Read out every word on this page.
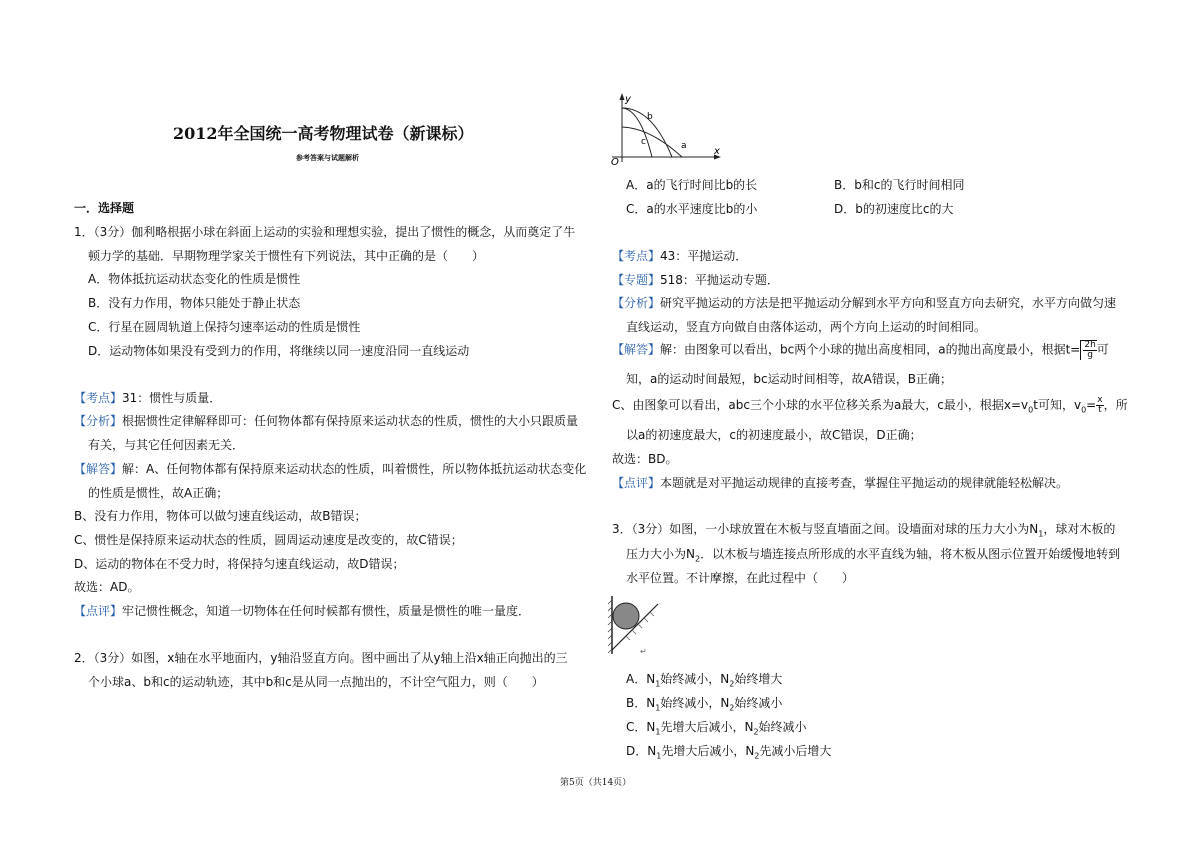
2012年全国统一高考物理试卷（新课标）
参考答案与试题解析
一．选择题
1．（3分）伽利略根据小球在斜面上运动的实验和理想实验，提出了惯性的概念，从而奠定了牛
顿力学的基础．早期物理学家关于惯性有下列说法，其中正确的是（　　）
A．物体抵抗运动状态变化的性质是惯性
B．没有力作用，物体只能处于静止状态
C．行星在圆周轨道上保持匀速率运动的性质是惯性
D．运动物体如果没有受到力的作用，将继续以同一速度沿同一直线运动
【考点】31：惯性与质量．
【分析】根据惯性定律解释即可：任何物体都有保持原来运动状态的性质，惯性的大小只跟质量
有关，与其它任何因素无关．
【解答】解：A、任何物体都有保持原来运动状态的性质，叫着惯性，所以物体抵抗运动状态变化
的性质是惯性，故A正确；
B、没有力作用，物体可以做匀速直线运动，故B错误；
C、惯性是保持原来运动状态的性质，圆周运动速度是改变的，故C错误；
D、运动的物体在不受力时，将保持匀速直线运动，故D错误；
故选：AD。
【点评】牢记惯性概念，知道一切物体在任何时候都有惯性，质量是惯性的唯一量度．
2．（3分）如图，x轴在水平地面内，y轴沿竖直方向。图中画出了从y轴上沿x轴正向抛出的三
个小球a、b和c的运动轨迹，其中b和c是从同一点抛出的，不计空气阻力，则（　　）
y
x
O
a
b
c
A．a的飞行时间比b的长	B．b和c的飞行时间相同
C．a的水平速度比b的小	D．b的初速度比c的大
【考点】43：平抛运动．
【专题】518：平抛运动专题．
【分析】研究平抛运动的方法是把平抛运动分解到水平方向和竖直方向去研究，水平方向做匀速
直线运动，竖直方向做自由落体运动，两个方向上运动的时间相同。
【解答】解：由图象可以看出，bc两个小球的抛出高度相同，a的抛出高度最小，根据$t= \frac{2h}{g}$ 可
知，a的运动时间最短，bc运动时间相等，故A错误，B正确；
C、由图象可以看出，abc三个小球的水平位移关系为a最大，c最小，根据$x=v_0t$可知，$v_0= \frac{x}{t}$ ，所
以a的初速度最大，c的初速度最小，故C错误，D正确；
故选：BD。
【点评】本题就是对平抛运动规律的直接考查，掌握住平抛运动的规律就能轻松解决。
3．（3分）如图，一小球放置在木板与竖直墙面之间。设墙面对球的压力大小为$N_1$，球对木板的
压力大小为$N_2$．以木板与墙连接点所形成的水平直线为轴，将木板从图示位置开始缓慢地转到
水平位置。不计摩擦，在此过程中（　　）
↵
A．$N_1$始终减小，$N_2$始终增大
B．$N_1$始终减小，$N_2$始终减小
C．$N_1$先增大后减小，$N_2$始终减小
D．$N_1$先增大后减小，$N_2$先减小后增大
第5页（共14页）
